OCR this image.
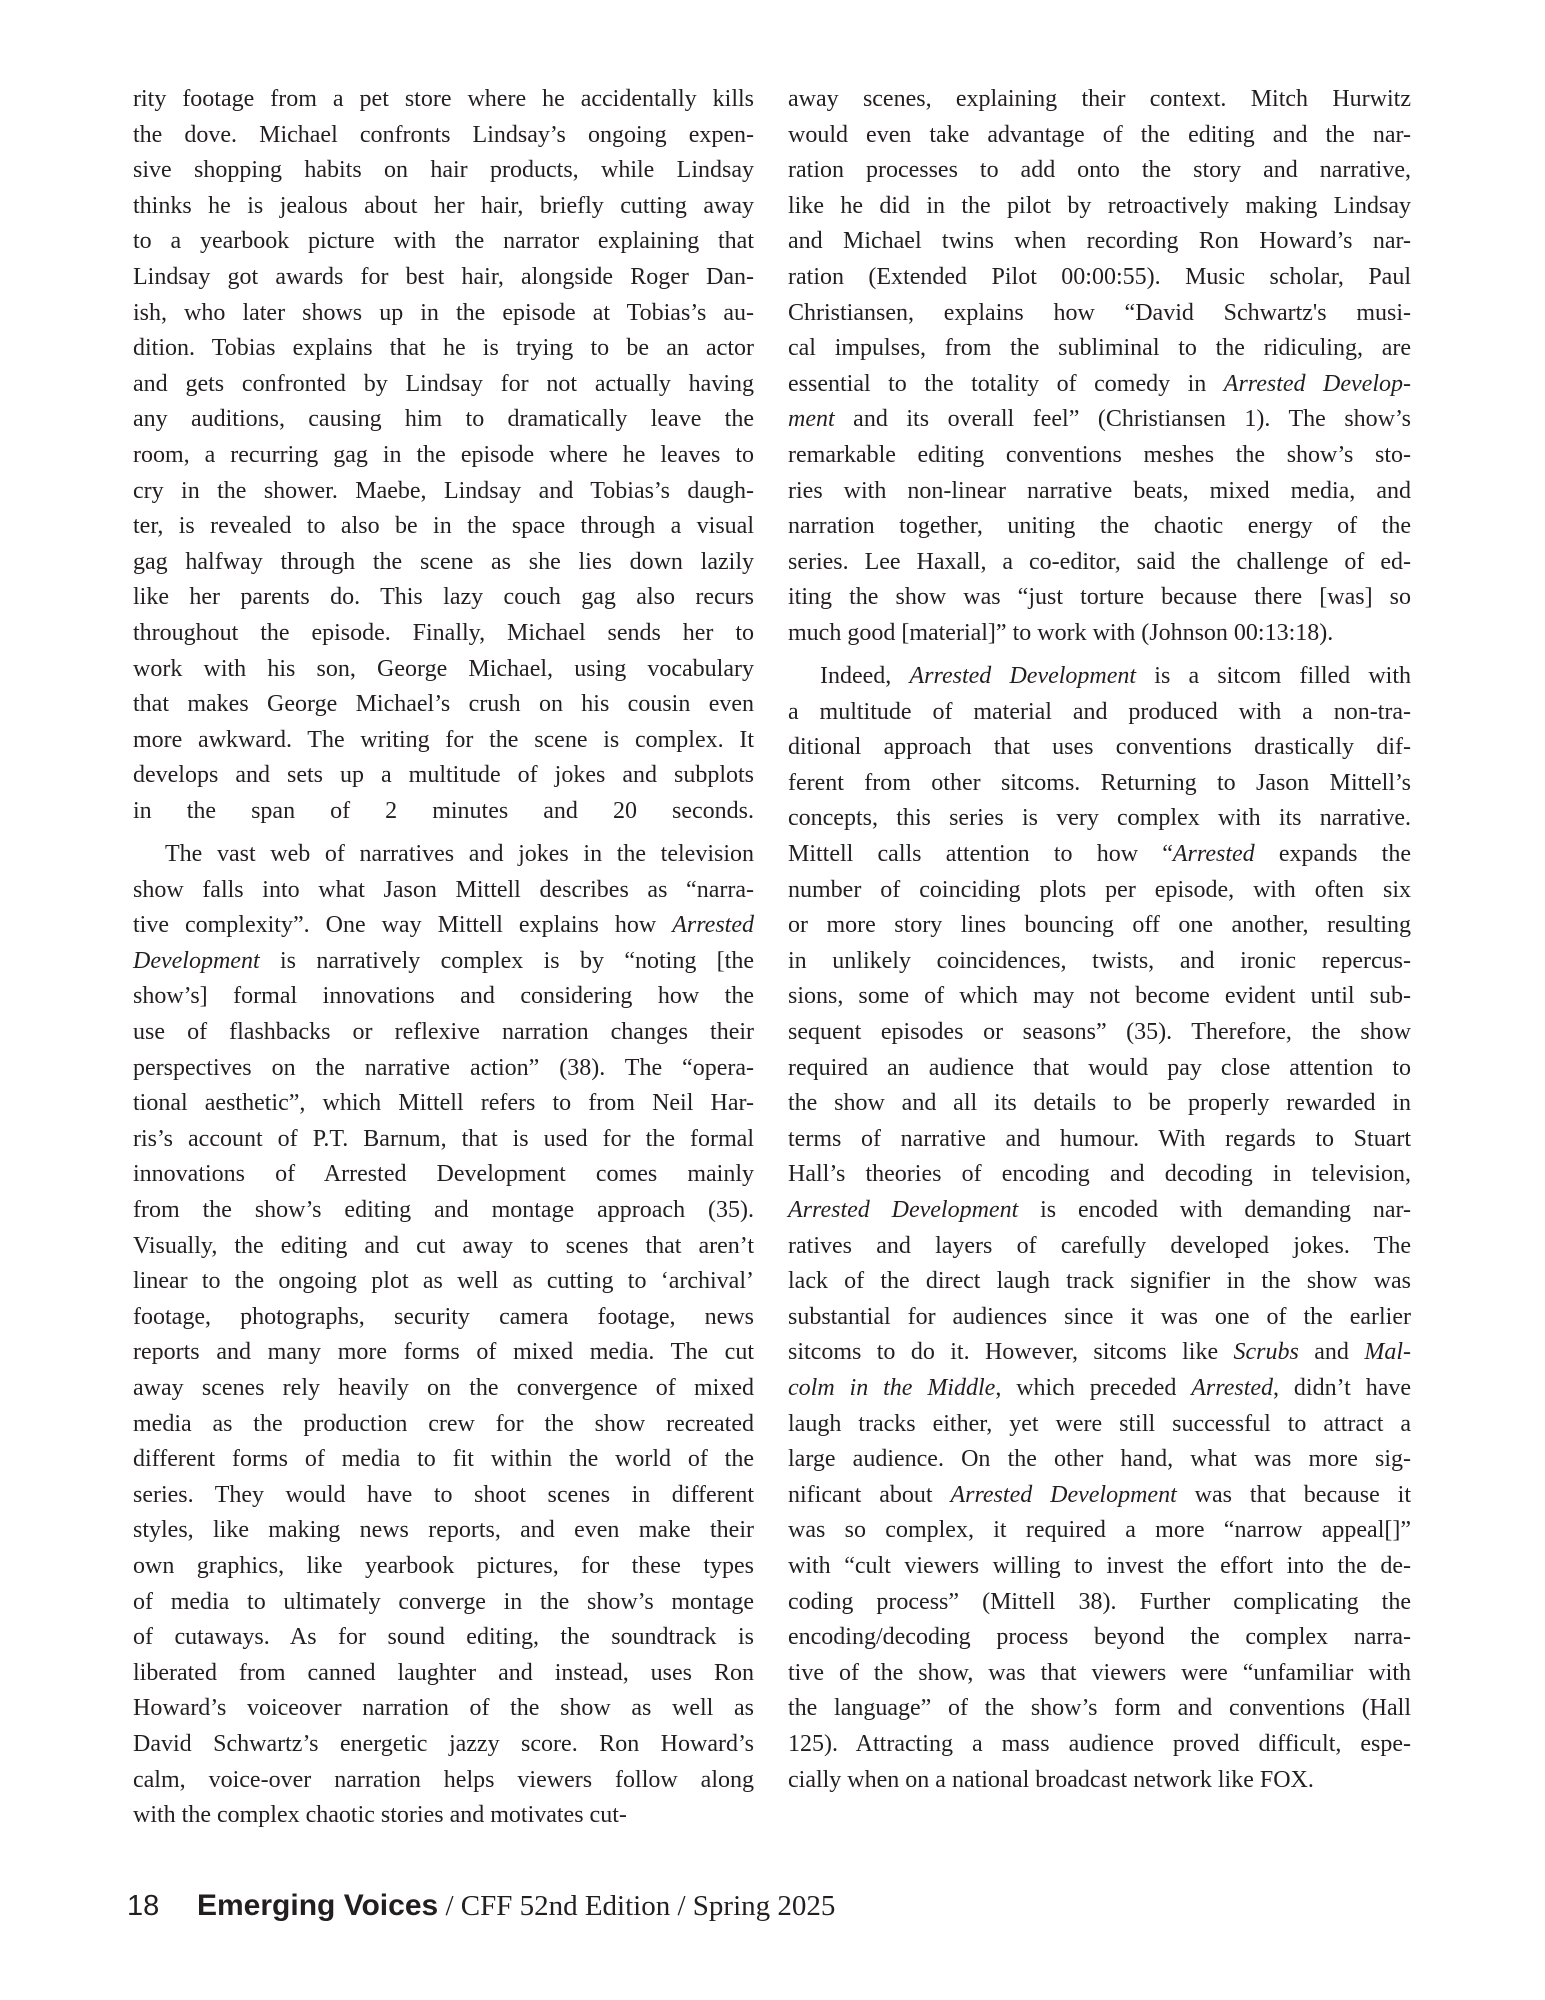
rity footage from a pet store where he accidentally kills
the dove. Michael confronts Lindsay’s ongoing expen-
sive shopping habits on hair products, while Lindsay
thinks he is jealous about her hair, briefly cutting away
to a yearbook picture with the narrator explaining that
Lindsay got awards for best hair, alongside Roger Dan-
ish, who later shows up in the episode at Tobias’s au-
dition. Tobias explains that he is trying to be an actor
and gets confronted by Lindsay for not actually having
any auditions, causing him to dramatically leave the
room, a recurring gag in the episode where he leaves to
cry in the shower. Maebe, Lindsay and Tobias’s daugh-
ter, is revealed to also be in the space through a visual
gag halfway through the scene as she lies down lazily
like her parents do. This lazy couch gag also recurs
throughout the episode. Finally, Michael sends her to
work with his son, George Michael, using vocabulary
that makes George Michael’s crush on his cousin even
more awkward. The writing for the scene is complex. It
develops and sets up a multitude of jokes and subplots
in the span of 2 minutes and 20 seconds.
The vast web of narratives and jokes in the television
show falls into what Jason Mittell describes as “narra-
tive complexity”. One way Mittell explains how Arrested
Development is narratively complex is by “noting [the
show’s] formal innovations and considering how the
use of flashbacks or reflexive narration changes their
perspectives on the narrative action” (38). The “opera-
tional aesthetic”, which Mittell refers to from Neil Har-
ris’s account of P.T. Barnum, that is used for the formal
innovations of Arrested Development comes mainly
from the show’s editing and montage approach (35).
Visually, the editing and cut away to scenes that aren’t
linear to the ongoing plot as well as cutting to ‘archival’
footage, photographs, security camera footage, news
reports and many more forms of mixed media. The cut
away scenes rely heavily on the convergence of mixed
media as the production crew for the show recreated
different forms of media to fit within the world of the
series. They would have to shoot scenes in different
styles, like making news reports, and even make their
own graphics, like yearbook pictures, for these types
of media to ultimately converge in the show’s montage
of cutaways. As for sound editing, the soundtrack is
liberated from canned laughter and instead, uses Ron
Howard’s voiceover narration of the show as well as
David Schwartz’s energetic jazzy score. Ron Howard’s
calm, voice-over narration helps viewers follow along
with the complex chaotic stories and motivates cut-
away scenes, explaining their context. Mitch Hurwitz
would even take advantage of the editing and the nar-
ration processes to add onto the story and narrative,
like he did in the pilot by retroactively making Lindsay
and Michael twins when recording Ron Howard’s nar-
ration (Extended Pilot 00:00:55). Music scholar, Paul
Christiansen, explains how “David Schwartz's musi-
cal impulses, from the subliminal to the ridiculing, are
essential to the totality of comedy in Arrested Develop-
ment and its overall feel” (Christiansen 1). The show’s
remarkable editing conventions meshes the show’s sto-
ries with non-linear narrative beats, mixed media, and
narration together, uniting the chaotic energy of the
series. Lee Haxall, a co-editor, said the challenge of ed-
iting the show was “just torture because there [was] so
much good [material]” to work with (Johnson 00:13:18).
Indeed, Arrested Development is a sitcom filled with
a multitude of material and produced with a non-tra-
ditional approach that uses conventions drastically dif-
ferent from other sitcoms. Returning to Jason Mittell’s
concepts, this series is very complex with its narrative.
Mittell calls attention to how “Arrested expands the
number of coinciding plots per episode, with often six
or more story lines bouncing off one another, resulting
in unlikely coincidences, twists, and ironic repercus-
sions, some of which may not become evident until sub-
sequent episodes or seasons” (35). Therefore, the show
required an audience that would pay close attention to
the show and all its details to be properly rewarded in
terms of narrative and humour. With regards to Stuart
Hall’s theories of encoding and decoding in television,
Arrested Development is encoded with demanding nar-
ratives and layers of carefully developed jokes. The
lack of the direct laugh track signifier in the show was
substantial for audiences since it was one of the earlier
sitcoms to do it. However, sitcoms like Scrubs and Mal-
colm in the Middle, which preceded Arrested, didn’t have
laugh tracks either, yet were still successful to attract a
large audience. On the other hand, what was more sig-
nificant about Arrested Development was that because it
was so complex, it required a more “narrow appeal[]”
with “cult viewers willing to invest the effort into the de-
coding process” (Mittell 38). Further complicating the
encoding/decoding process beyond the complex narra-
tive of the show, was that viewers were “unfamiliar with
the language” of the show’s form and conventions (Hall
125). Attracting a mass audience proved difficult, espe-
cially when on a national broadcast network like FOX.
18 Emerging Voices / CFF 52nd Edition / Spring 2025
